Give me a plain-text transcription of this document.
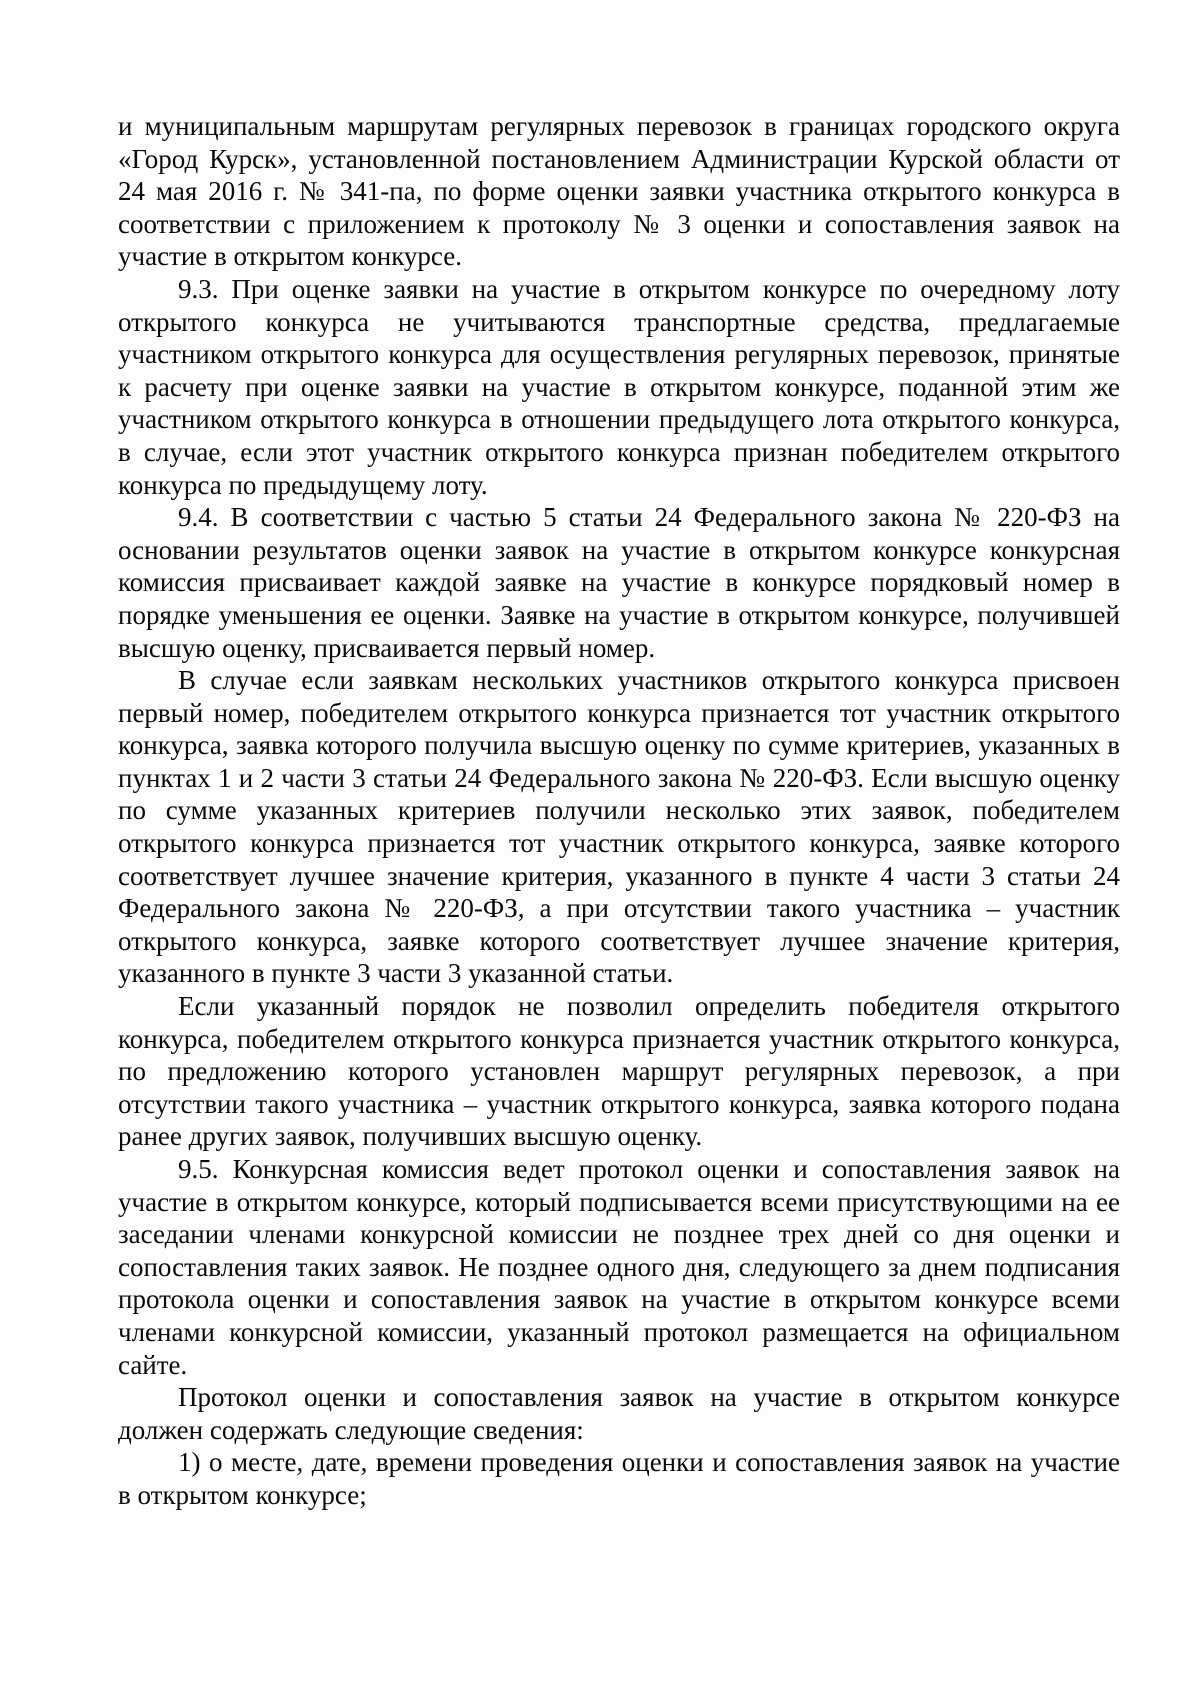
и муниципальным маршрутам регулярных перевозок в границах городского округа «Город Курск», установленной постановлением Администрации Курской области от 24 мая 2016 г. № 341-па, по форме оценки заявки участника открытого конкурса в соответствии с приложением к протоколу № 3 оценки и сопоставления заявок на участие в открытом конкурсе.

9.3. При оценке заявки на участие в открытом конкурсе по очередному лоту открытого конкурса не учитываются транспортные средства, предлагаемые участником открытого конкурса для осуществления регулярных перевозок, принятые к расчету при оценке заявки на участие в открытом конкурсе, поданной этим же участником открытого конкурса в отношении предыдущего лота открытого конкурса, в случае, если этот участник открытого конкурса признан победителем открытого конкурса по предыдущему лоту.

9.4. В соответствии с частью 5 статьи 24 Федерального закона № 220-ФЗ на основании результатов оценки заявок на участие в открытом конкурсе конкурсная комиссия присваивает каждой заявке на участие в конкурсе порядковый номер в порядке уменьшения ее оценки. Заявке на участие в открытом конкурсе, получившей высшую оценку, присваивается первый номер.

В случае если заявкам нескольких участников открытого конкурса присвоен первый номер, победителем открытого конкурса признается тот участник открытого конкурса, заявка которого получила высшую оценку по сумме критериев, указанных в пунктах 1 и 2 части 3 статьи 24 Федерального закона № 220-ФЗ. Если высшую оценку по сумме указанных критериев получили несколько этих заявок, победителем открытого конкурса признается тот участник открытого конкурса, заявке которого соответствует лучшее значение критерия, указанного в пункте 4 части 3 статьи 24 Федерального закона № 220-ФЗ, а при отсутствии такого участника – участник открытого конкурса, заявке которого соответствует лучшее значение критерия, указанного в пункте 3 части 3 указанной статьи.

Если указанный порядок не позволил определить победителя открытого конкурса, победителем открытого конкурса признается участник открытого конкурса, по предложению которого установлен маршрут регулярных перевозок, а при отсутствии такого участника – участник открытого конкурса, заявка которого подана ранее других заявок, получивших высшую оценку.

9.5. Конкурсная комиссия ведет протокол оценки и сопоставления заявок на участие в открытом конкурсе, который подписывается всеми присутствующими на ее заседании членами конкурсной комиссии не позднее трех дней со дня оценки и сопоставления таких заявок. Не позднее одного дня, следующего за днем подписания протокола оценки и сопоставления заявок на участие в открытом конкурсе всеми членами конкурсной комиссии, указанный протокол размещается на официальном сайте.

Протокол оценки и сопоставления заявок на участие в открытом конкурсе должен содержать следующие сведения:

1) о месте, дате, времени проведения оценки и сопоставления заявок на участие в открытом конкурсе;
